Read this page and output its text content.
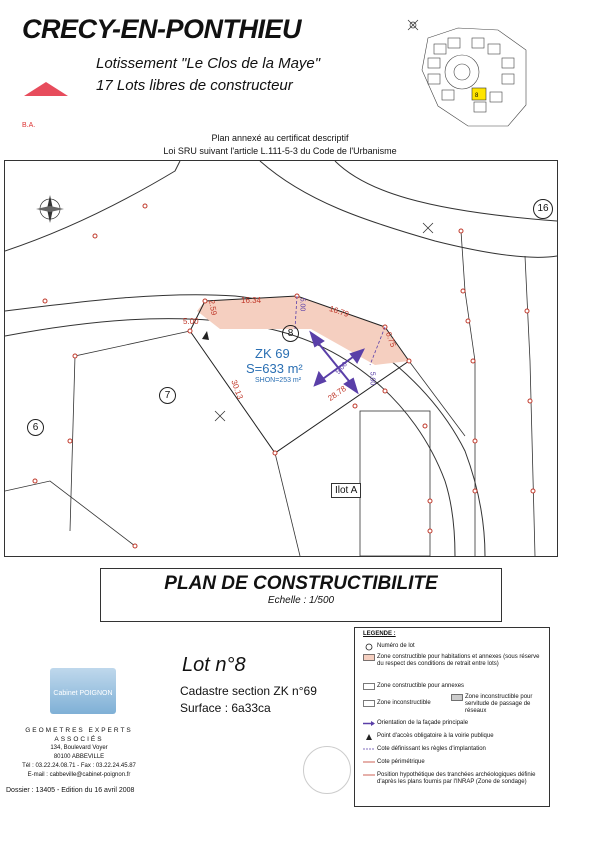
CRECY-EN-PONTHIEU
Lotissement "Le Clos de la Maye"
17 Lots libres de constructeur
B.A.
8
Plan annexé au certificat descriptif
Loi SRU suivant l'article L.111-5-3 du Code de l'Urbanisme
16.34
16.79
6.75
28.78
30.13
5.00
2.59	5.00
5.00
5.00
8
7
6
16
ZK 69
S=633 m²
SHON=253 m²
Ilot A
PLAN DE CONSTRUCTIBILITE
Echelle : 1/500
Lot n°8
Cadastre section ZK n°69
Surface : 6a33ca
Cabinet POIGNON
GEOMETRES EXPERTS ASSOCIÉS
134, Boulevard Voyer
80100 ABBEVILLE
Tél : 03.22.24.08.71 - Fax : 03.22.24.45.87
E-mail : cabbeville@cabinet-poignon.fr
Dossier : 13405 - Edition du 16 avril 2008
LEGENDE :
Numéro de lot
Zone constructible pour habitations et annexes (sous réserve du respect des conditions de retrait entre lots)
Zone constructible pour annexes
Zone inconstructible
Zone inconstructible pour servitude de passage de réseaux
Orientation de la façade principale
Point d'accès obligatoire à la voirie publique
Cote définissant les règles d'implantation
Cote périmétrique
Position hypothétique des tranchées archéologiques définie d'après les plans fournis par l'INRAP (Zone de sondage)
